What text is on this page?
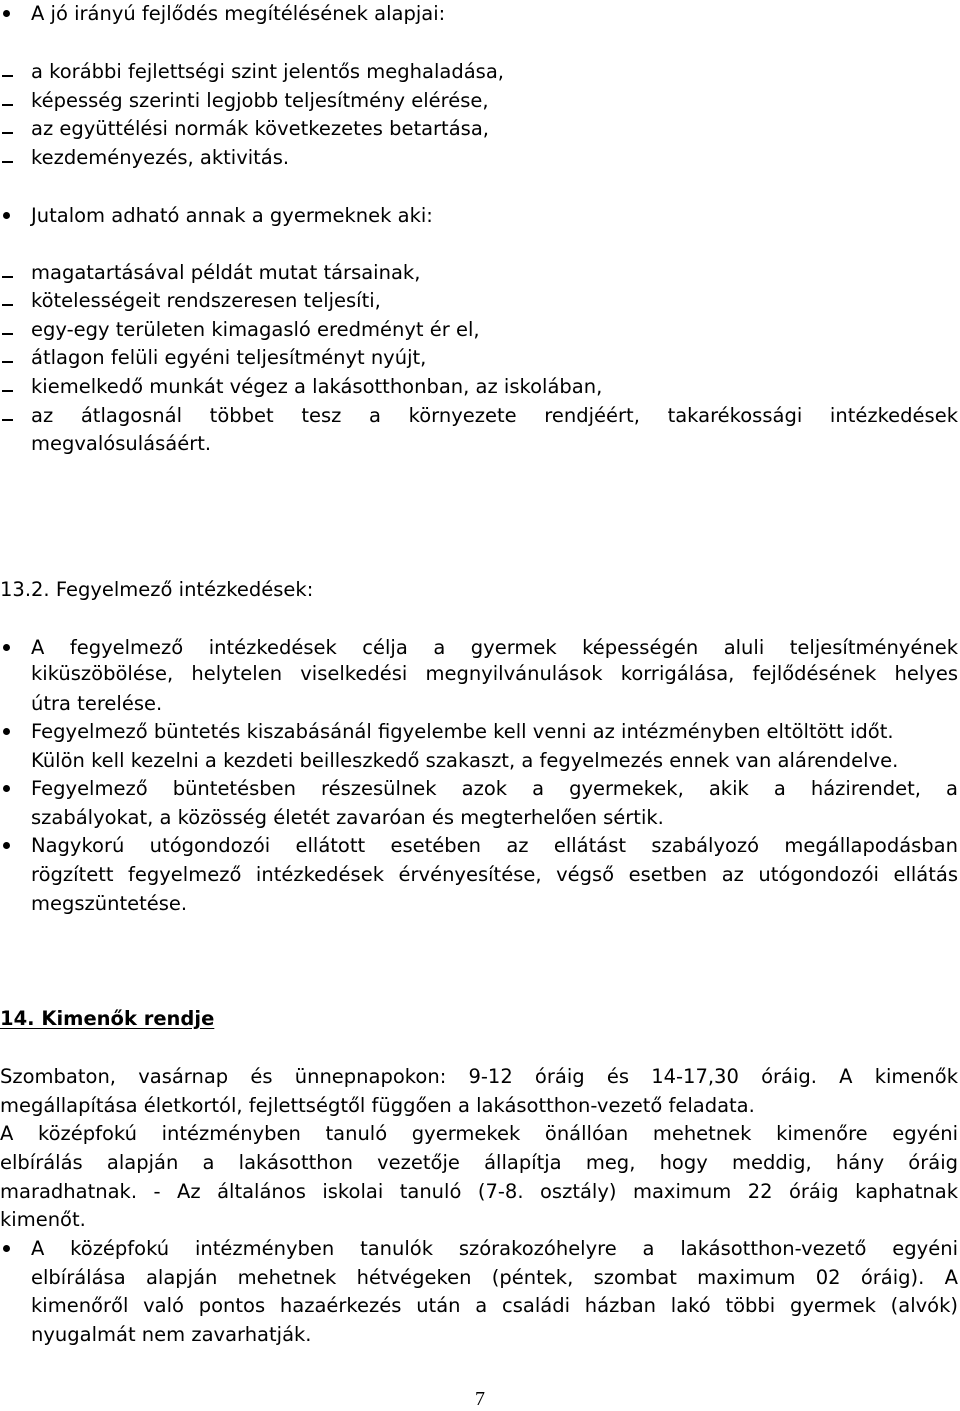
A jó irányú fejlődés megítélésének alapjai:
a korábbi fejlettségi szint jelentős meghaladása,
képesség szerinti legjobb teljesítmény elérése,
az együttélési normák következetes betartása,
kezdeményezés, aktivitás.
Jutalom adható annak a gyermeknek aki:
magatartásával példát mutat társainak,
kötelességeit rendszeresen teljesíti,
egy-egy területen kimagasló eredményt ér el,
átlagon felüli egyéni teljesítményt nyújt,
kiemelkedő munkát végez a lakásotthonban, az iskolában,
az átlagosnál többet tesz a környezete rendjéért, takarékossági intézkedések
megvalósulásáért.
13.2. Fegyelmező intézkedések:
A fegyelmező intézkedések célja a gyermek képességén aluli teljesítményének
kiküszöbölése, helytelen viselkedési megnyilvánulások korrigálása, fejlődésének helyes
útra terelése.
Fegyelmező büntetés kiszabásánál figyelembe kell venni az intézményben eltöltött időt.
Külön kell kezelni a kezdeti beilleszkedő szakaszt, a fegyelmezés ennek van alárendelve.
Fegyelmező büntetésben részesülnek azok a gyermekek, akik a házirendet, a
szabályokat, a közösség életét zavaróan és megterhelően sértik.
Nagykorú utógondozói ellátott esetében az ellátást szabályozó megállapodásban
rögzített fegyelmező intézkedések érvényesítése, végső esetben az utógondozói ellátás
megszüntetése.
14. Kimenők rendje
Szombaton, vasárnap és ünnepnapokon: 9-12 óráig és 14-17,30 óráig. A kimenők
megállapítása életkortól, fejlettségtől függően a lakásotthon-vezető feladata.
A középfokú intézményben tanuló gyermekek önállóan mehetnek kimenőre egyéni
elbírálás alapján a lakásotthon vezetője állapítja meg, hogy meddig, hány óráig
maradhatnak. - Az általános iskolai tanuló (7-8. osztály) maximum 22 óráig kaphatnak
kimenőt.
A középfokú intézményben tanulók szórakozóhelyre a lakásotthon-vezető egyéni
elbírálása alapján mehetnek hétvégeken (péntek, szombat maximum 02 óráig). A
kimenőről való pontos hazaérkezés után a családi házban lakó többi gyermek (alvók)
nyugalmát nem zavarhatják.
7
